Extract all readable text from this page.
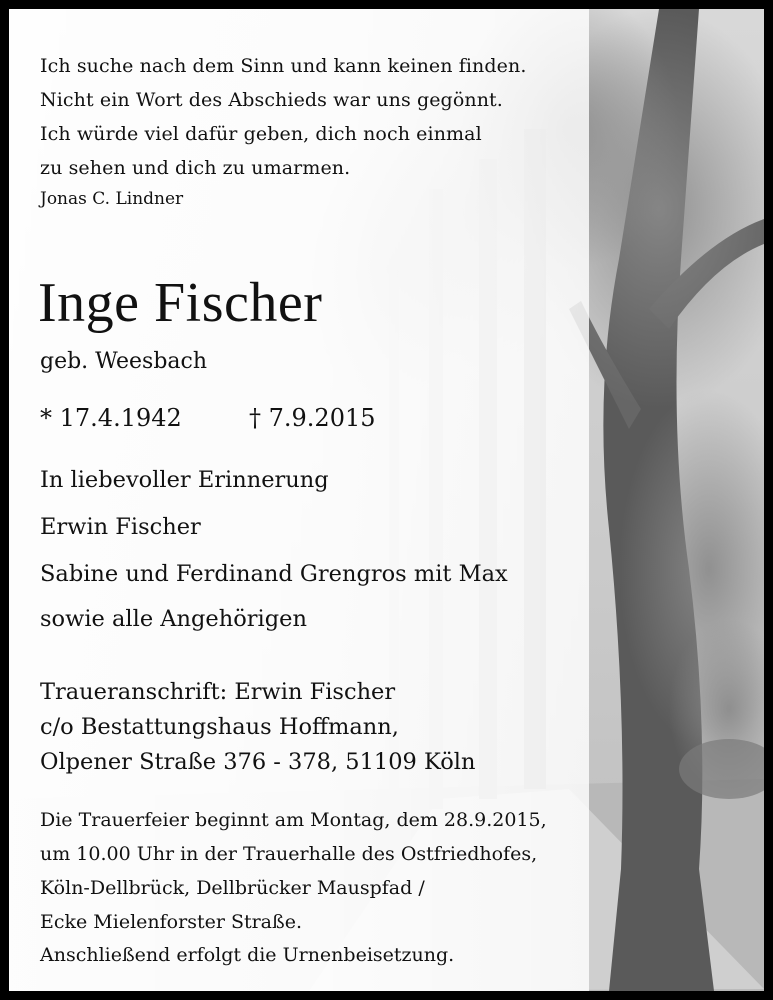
Ich suche nach dem Sinn und kann keinen finden.
Nicht ein Wort des Abschieds war uns gegönnt.
Ich würde viel dafür geben, dich noch einmal
zu sehen und dich zu umarmen.
Jonas C. Lindner
Inge Fischer
geb. Weesbach
* 17.4.1942	† 7.9.2015
In liebevoller Erinnerung
Erwin Fischer
Sabine und Ferdinand Grengros mit Max
sowie alle Angehörigen
Traueranschrift: Erwin Fischer
c/o Bestattungshaus Hoffmann,
Olpener Straße 376 - 378, 51109 Köln
Die Trauerfeier beginnt am Montag, dem 28.9.2015,
um 10.00 Uhr in der Trauerhalle des Ostfriedhofes,
Köln-Dellbrück, Dellbrücker Mauspfad /
Ecke Mielenforster Straße.
Anschließend erfolgt die Urnenbeisetzung.
